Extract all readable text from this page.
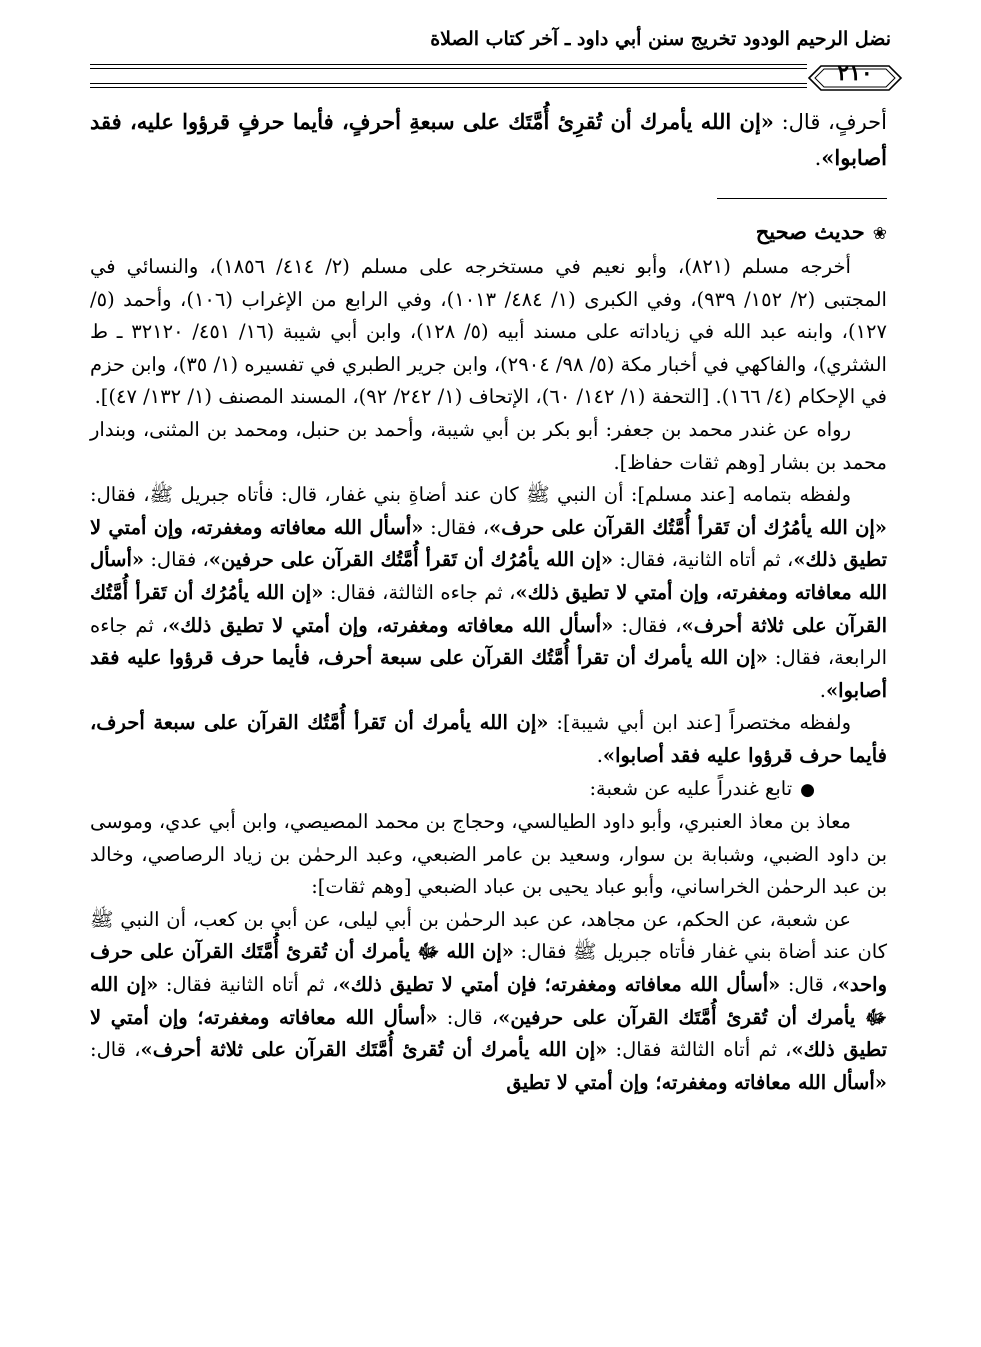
نضل الرحيم الودود تخريج سنن أبي داود ـ آخر كتاب الصلاة
٢١٠

أحرفٍ، قال: «إن الله يأمرك أن تُقرِئ أُمَّتَك على سبعةِ أحرفٍ، فأيما حرفٍ قرؤوا عليه، فقد أصابوا».

❀حديث صحيح

أخرجه مسلم (٨٢١)، وأبو نعيم في مستخرجه على مسلم (٢/ ٤١٤/ ١٨٥٦)، والنسائي في المجتبى (٢/ ١٥٢/ ٩٣٩)، وفي الكبرى (١/ ٤٨٤/ ١٠١٣)، وفي الرابع من الإغراب (١٠٦)، وأحمد (٥/ ١٢٧)، وابنه عبد الله في زياداته على مسند أبيه (٥/ ١٢٨)، وابن أبي شيبة (١٦/ ٤٥١/ ٣٢١٢٠ ـ ط الشثري)، والفاكهي في أخبار مكة (٥/ ٩٨/ ٢٩٠٤)، وابن جرير الطبري في تفسيره (١/ ٣٥)، وابن حزم في الإحكام (٤/ ١٦٦). [التحفة (١/ ١٤٢/ ٦٠)، الإتحاف (١/ ٢٤٢/ ٩٢)، المسند المصنف (١/ ١٣٢/ ٤٧)].

رواه عن غندر محمد بن جعفر: أبو بكر بن أبي شيبة، وأحمد بن حنبل، ومحمد بن المثنى، وبندار محمد بن بشار [وهم ثقات حفاظ].

ولفظه بتمامه [عند مسلم]: أن النبي ﷺ كان عند أضاةِ بني غفار، قال: فأتاه جبريل ﷺ، فقال: «إن الله يأمُرُك أن تَقرأ أُمَّتُك القرآن على حرف»، فقال: «أسأل الله معافاته ومغفرته، وإن أمتي لا تطيق ذلك»، ثم أتاه الثانية، فقال: «إن الله يأمُرُك أن تَقرأ أُمَّتُك القرآن على حرفين»، فقال: «أسأل الله معافاته ومغفرته، وإن أمتي لا تطيق ذلك»، ثم جاءه الثالثة، فقال: «إن الله يأمُرُك أن تَقرأ أُمَّتُك القرآن على ثلاثة أحرف»، فقال: «أسأل الله معافاته ومغفرته، وإن أمتي لا تطيق ذلك»، ثم جاءه الرابعة، فقال: «إن الله يأمرك أن تقرأ أُمَّتُك القرآن على سبعة أحرف، فأيما حرف قرؤوا عليه فقد أصابوا».

ولفظه مختصراً [عند ابن أبي شيبة]: «إن الله يأمرك أن تَقرأ أُمَّتُك القرآن على سبعة أحرف، فأيما حرف قرؤوا عليه فقد أصابوا».

●تابع غندراً عليه عن شعبة:

معاذ بن معاذ العنبري، وأبو داود الطيالسي، وحجاج بن محمد المصيصي، وابن أبي عدي، وموسى بن داود الضبي، وشبابة بن سوار، وسعيد بن عامر الضبعي، وعبد الرحمٰن بن زياد الرصاصي، وخالد بن عبد الرحمٰن الخراساني، وأبو عباد يحيى بن عباد الضبعي [وهم ثقات]:

عن شعبة، عن الحكم، عن مجاهد، عن عبد الرحمٰن بن أبي ليلى، عن أبي بن كعب، أن النبي ﷺ كان عند أضاة بني غفار فأتاه جبريل ﷺ فقال: «إن الله ﷻ يأمرك أن تُقرئ أُمَّتَك القرآن على حرف واحد»، قال: «أسأل الله معافاته ومغفرته؛ فإن أمتي لا تطيق ذلك»، ثم أتاه الثانية فقال: «إن الله ﷻ يأمرك أن تُقرئ أُمَّتَك القرآن على حرفين»، قال: «أسأل الله معافاته ومغفرته؛ وإن أمتي لا تطيق ذلك»، ثم أتاه الثالثة فقال: «إن الله يأمرك أن تُقرئ أُمَّتَك القرآن على ثلاثة أحرف»، قال: «أسأل الله معافاته ومغفرته؛ وإن أمتي لا تطيق
